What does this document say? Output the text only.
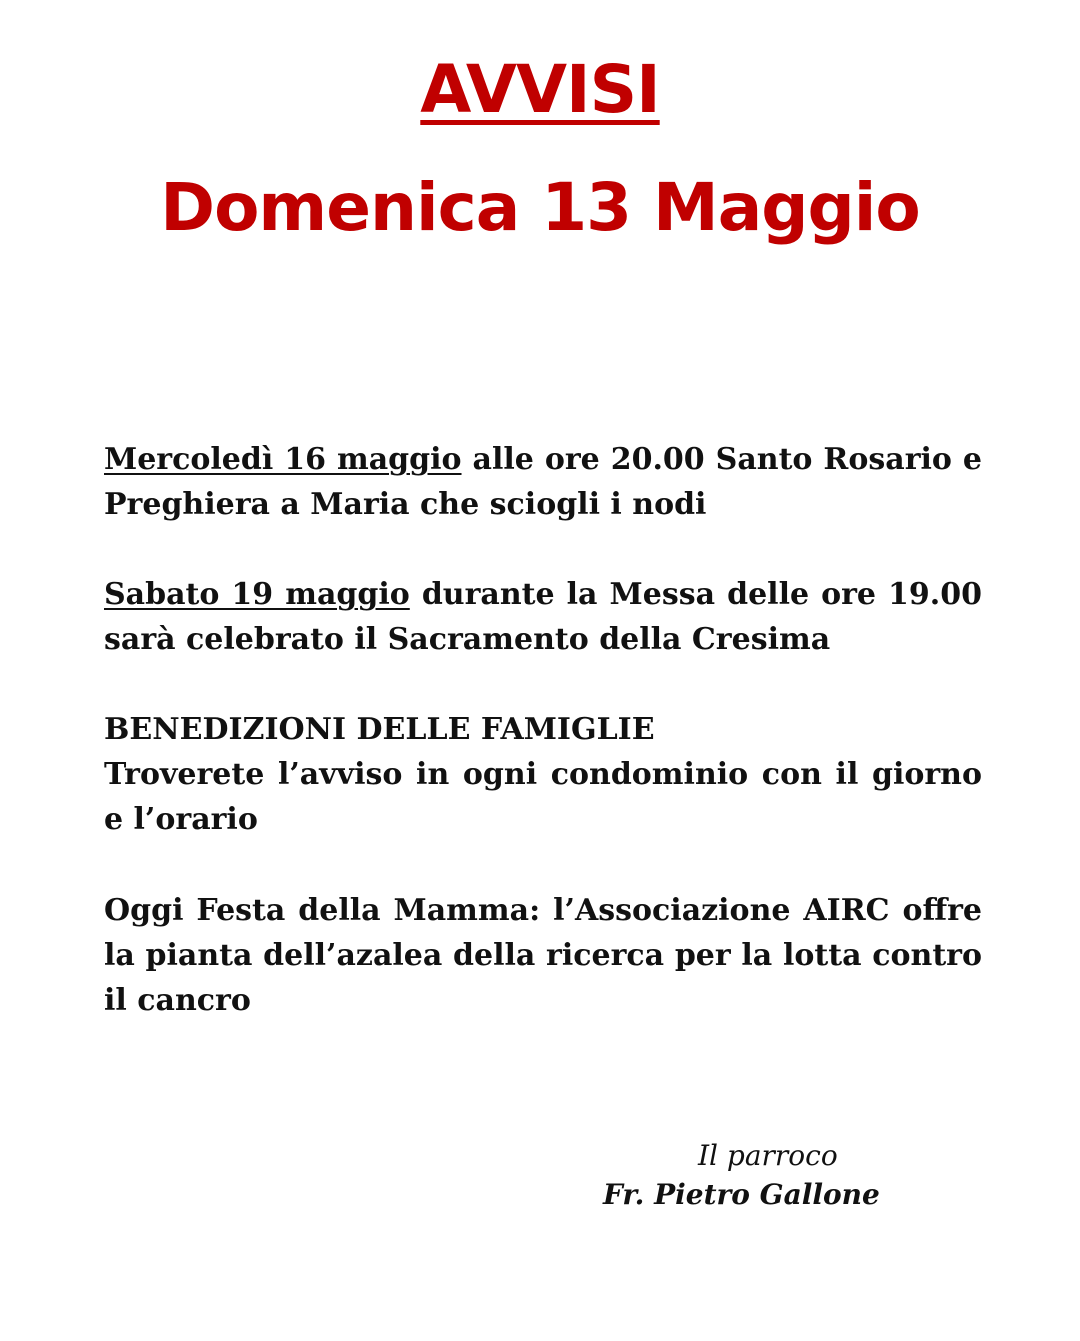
AVVISI
Domenica 13 Maggio

Mercoledì 16 maggio alle ore 20.00 Santo Rosario e Preghiera a Maria che sciogli i nodi

Sabato 19 maggio durante la Messa delle ore 19.00 sarà celebrato il Sacramento della Cresima

BENEDIZIONI DELLE FAMIGLIE
Troverete l’avviso in ogni condominio con il giorno e l’orario

Oggi Festa della Mamma: l’Associazione AIRC offre la pianta dell’azalea della ricerca per la lotta contro il cancro

Il parroco

Fr. Pietro Gallone
